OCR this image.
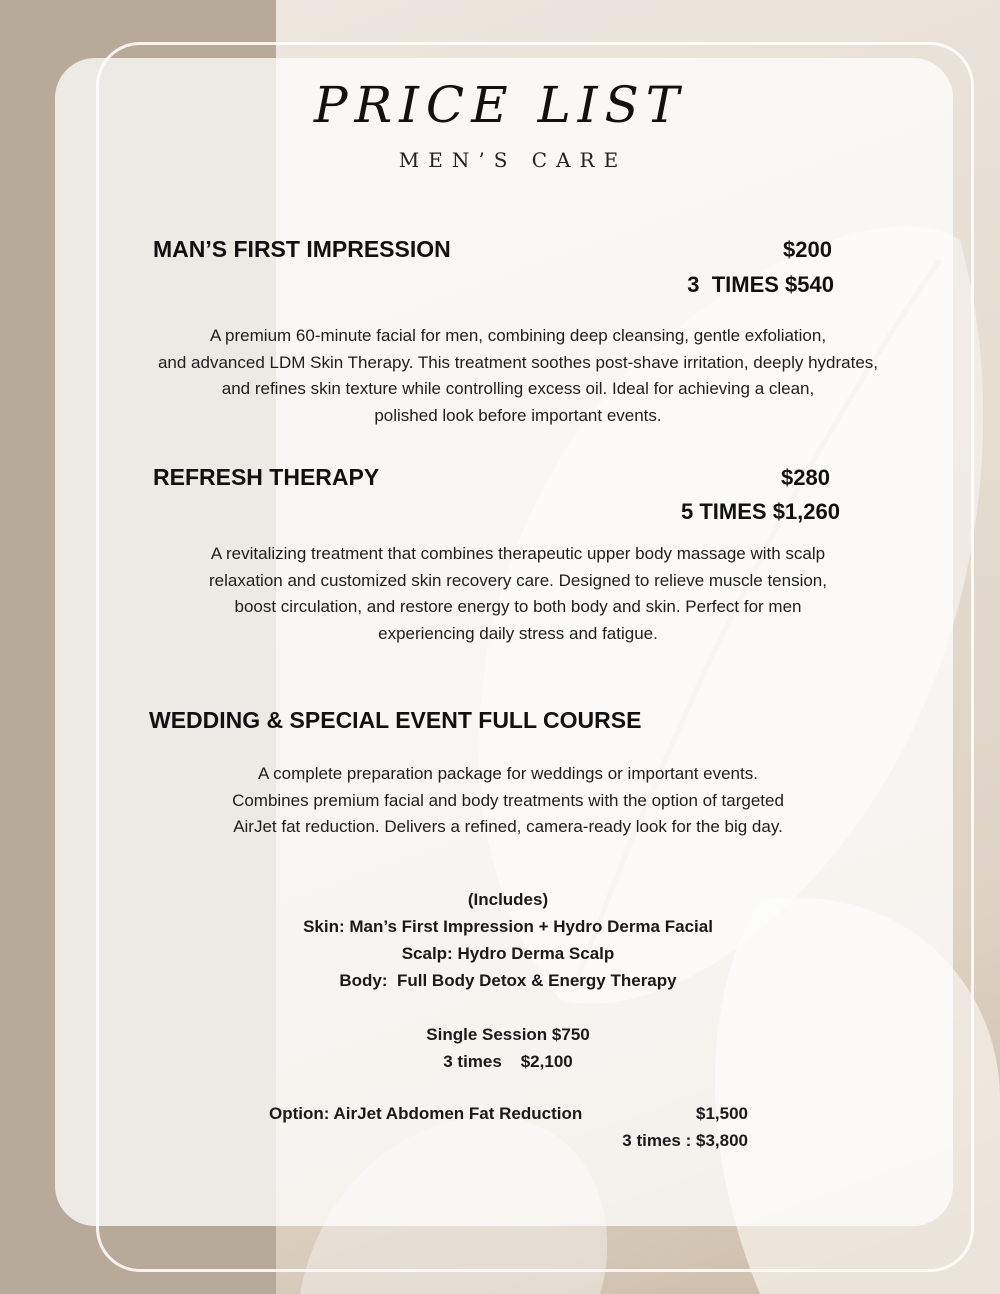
PRICE LIST
MEN’S CARE
MAN’S FIRST IMPRESSION	$200
3  TIMES $540
A premium 60-minute facial for men, combining deep cleansing, gentle exfoliation,
and advanced LDM Skin Therapy. This treatment soothes post-shave irritation, deeply hydrates,
and refines skin texture while controlling excess oil. Ideal for achieving a clean,
polished look before important events.
REFRESH THERAPY	$280
5 TIMES $1,260
A revitalizing treatment that combines therapeutic upper body massage with scalp
relaxation and customized skin recovery care. Designed to relieve muscle tension,
boost circulation, and restore energy to both body and skin. Perfect for men
experiencing daily stress and fatigue.
WEDDING & SPECIAL EVENT FULL COURSE
A complete preparation package for weddings or important events.
Combines premium facial and body treatments with the option of targeted
AirJet fat reduction. Delivers a refined, camera-ready look for the big day.
(Includes)
Skin: Man’s First Impression + Hydro Derma Facial
Scalp: Hydro Derma Scalp
Body:  Full Body Detox & Energy Therapy
Single Session $750
3 times    $2,100
Option: AirJet Abdomen Fat Reduction	$1,500
3 times : $3,800
